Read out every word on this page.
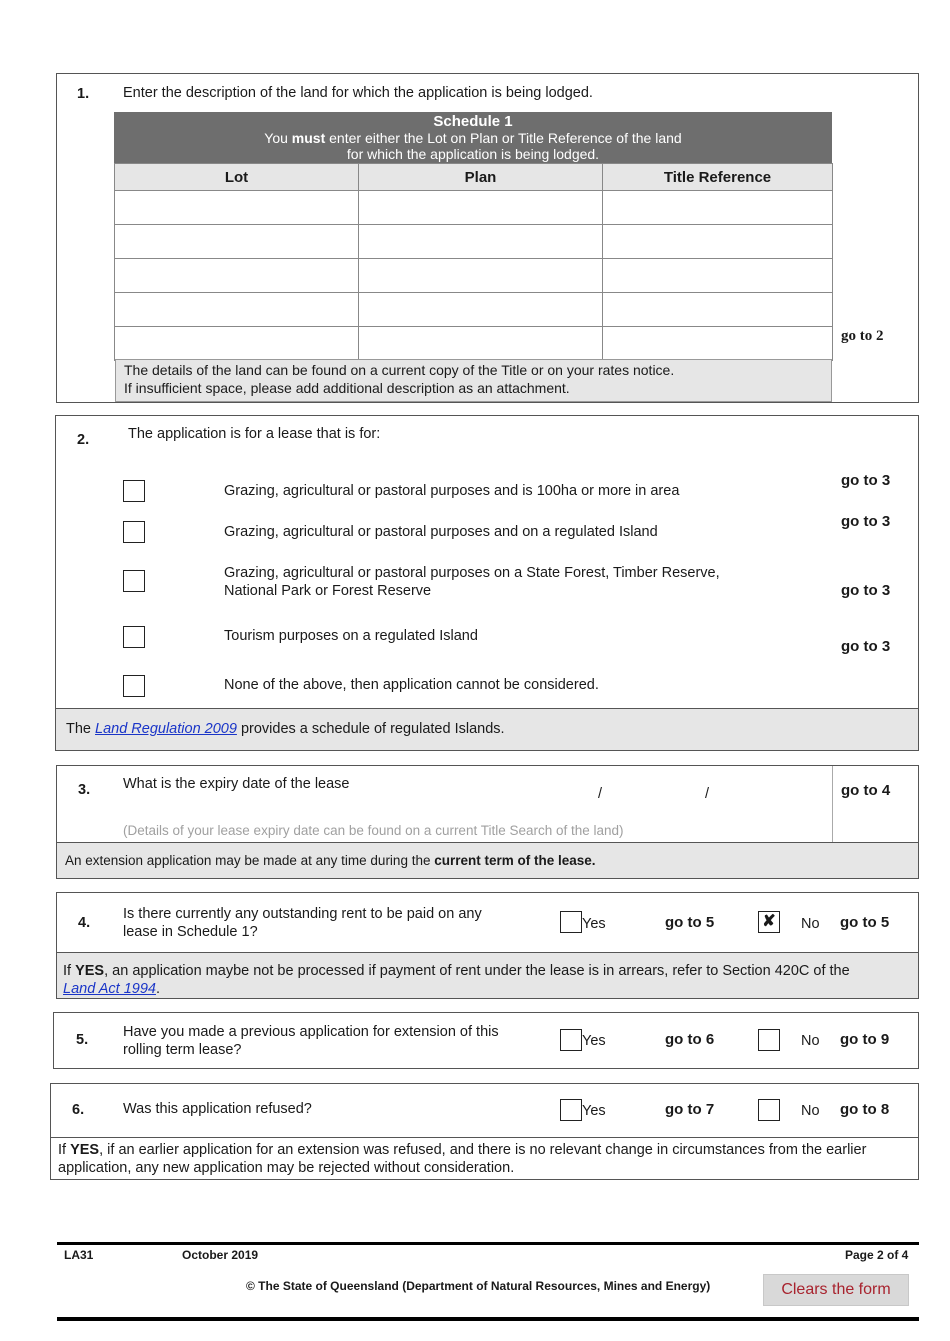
1. Enter the description of the land for which the application is being lodged.
Schedule 1
You must enter either the Lot on Plan or Title Reference of the land
for which the application is being lodged.
Lot	Plan	Title Reference

go to 2
The details of the land can be found on a current copy of the Title or on your rates notice.
If insufficient space, please add additional description as an attachment.
2.	The application is for a lease that is for:
Grazing, agricultural or pastoral purposes and is 100ha or more in area
go to 3
Grazing, agricultural or pastoral purposes and on a regulated Island
go to 3
Grazing, agricultural or pastoral purposes on a State Forest, Timber Reserve,
National Park or Forest Reserve	go to 3
Tourism purposes on a regulated Island
go to 3
None of the above, then application cannot be considered.
The Land Regulation 2009 provides a schedule of regulated Islands.
3. What is the expiry date of the lease
/	/	go to 4
(Details of your lease expiry date can be found on a current Title Search of the land)
An extension application may be made at any time during the current term of the lease.
4.
Is there currently any outstanding rent to be paid on any
lease in Schedule 1?	Yes	go to 5	✘ No go to 5
If YES, an application maybe not be processed if payment of rent under the lease is in arrears, refer to Section 420C of the
Land Act 1994.
5. Have you made a previous application for extension of this
rolling term lease?
Yes	go to 6	No go to 9
6.	Was this application refused?	Yes	go to 7	No go to 8
If YES, if an earlier application for an extension was refused, and there is no relevant change in circumstances from the earlier
application, any new application may be rejected without consideration.
LA31	October 2019	Page 2 of 4
© The State of Queensland (Department of Natural Resources, Mines and Energy)	Clears the form
